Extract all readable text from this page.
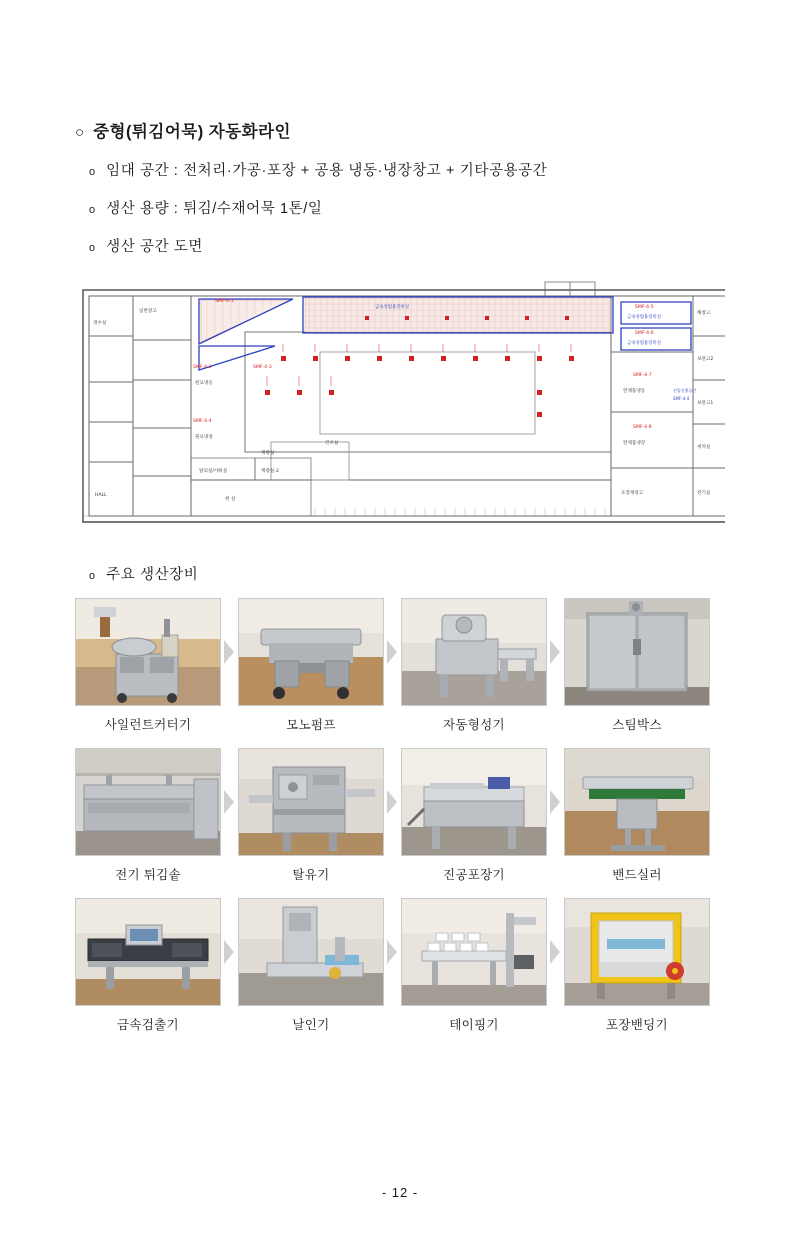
○ 중형(튀김어묵) 자동화라인
o 임대 공간 : 전처리·가공·포장 + 공용 냉동·냉장창고 + 기타공용공간
o 생산 용량 : 튀김/수재어묵 1톤/일
o 생산 공간 도면
SMF-4-1
SMF-4-5
SMF-4-6
SMF-4-2	SMF-4-3
SMF-4-7
SMF-4-4
SMF-4-8
금속성범용장비실
금속성범용장비실
금속성범용장비실
일반창고
정수실
원료냉동
원료냉장
완제품냉동
완제품냉장
해창고
보관고2
보관고1
세척실
전기실
포장재창고
HALL
탈의실/샤워실	계량실-2
현 실
계량실
건조실
선입선출공간
SMF-4-4
o 주요 생산장비
사일런트커터기	모노펌프	자동형성기	스팀박스
전기 튀김솥	탈유기	진공포장기	밴드실러
금속검출기	날인기	테이핑기	포장밴딩기
- 12 -
